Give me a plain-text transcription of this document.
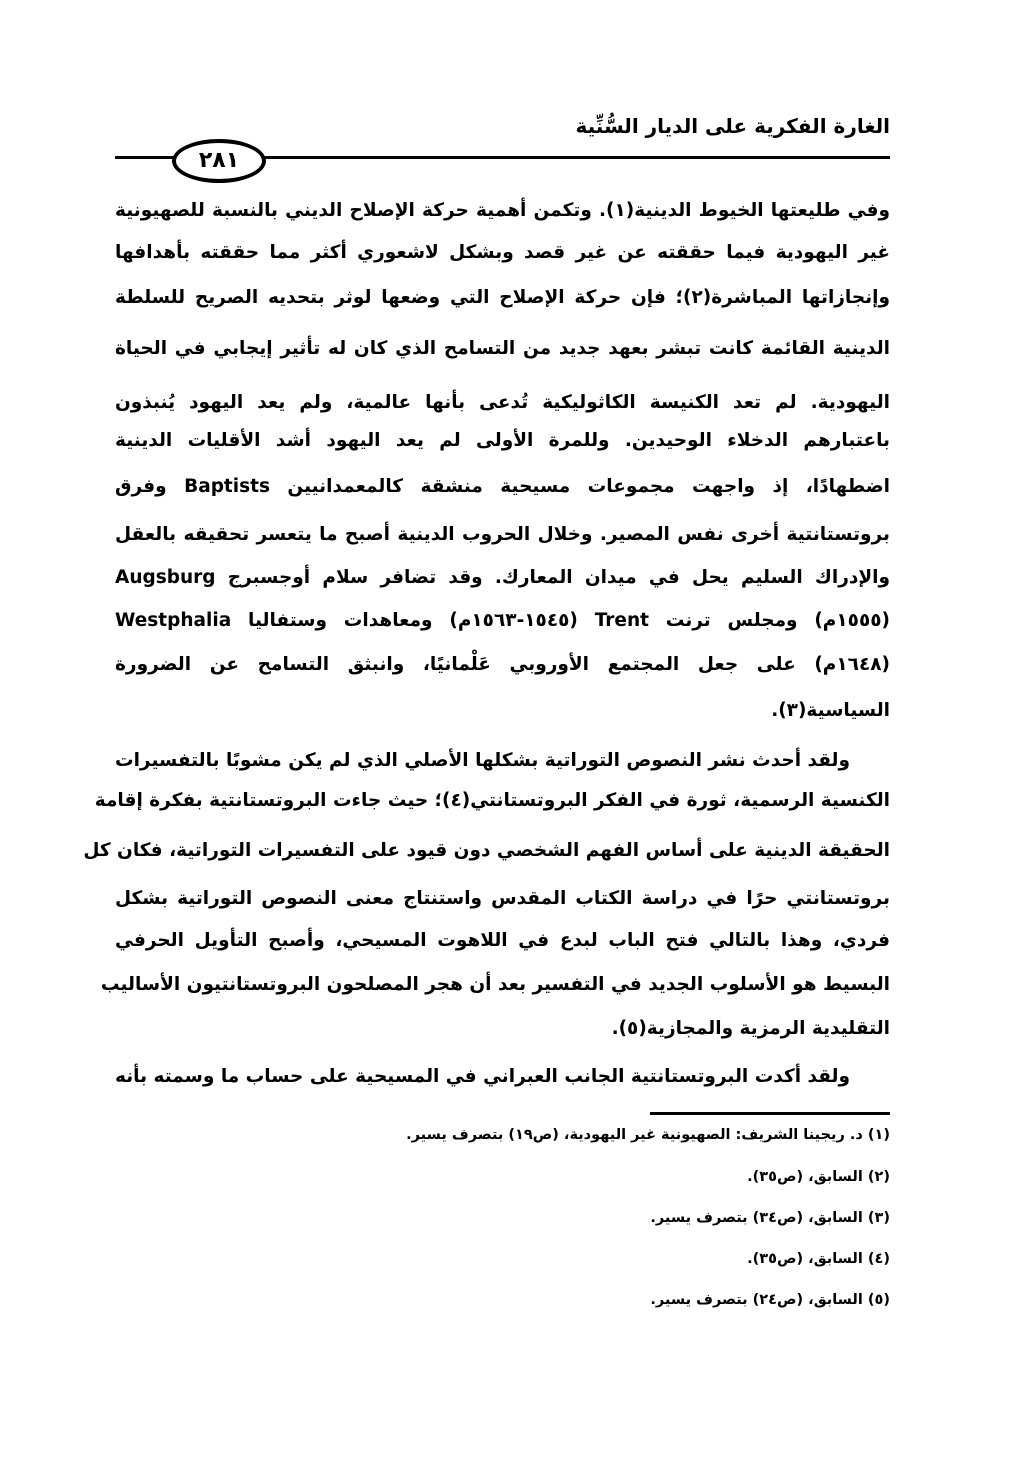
الغارة الفكرية على الديار السُّنِّية
٢٨١
وفي طليعتها الخيوط الدينية(١). وتكمن أهمية حركة الإصلاح الديني بالنسبة للصهيونية
غير اليهودية فيما حققته عن غير قصد وبشكل لاشعوري أكثر مما حققته بأهدافها
وإنجازاتها المباشرة(٢)؛ فإن حركة الإصلاح التي وضعها لوثر بتحديه الصريح للسلطة
الدينية القائمة كانت تبشر بعهد جديد من التسامح الذي كان له تأثير إيجابي في الحياة
اليهودية. لم تعد الكنيسة الكاثوليكية تُدعى بأنها عالمية، ولم يعد اليهود يُنبذون
باعتبارهم الدخلاء الوحيدين. وللمرة الأولى لم يعد اليهود أشد الأقليات الدينية
اضطهادًا، إذ واجهت مجموعات مسيحية منشقة كالمعمدانيين Baptists وفرق
بروتستانتية أخرى نفس المصير. وخلال الحروب الدينية أصبح ما يتعسر تحقيقه بالعقل
والإدراك السليم يحل في ميدان المعارك. وقد تضافر سلام أوجسبرج Augsburg
(١٥٥٥م) ومجلس ترنت Trent (١٥٤٥-١٥٦٣م) ومعاهدات وستفاليا Westphalia
(١٦٤٨م) على جعل المجتمع الأوروبي عَلْمانيًا، وانبثق التسامح عن الضرورة
السياسية(٣).
ولقد أحدث نشر النصوص التوراتية بشكلها الأصلي الذي لم يكن مشوبًا بالتفسيرات
الكنسية الرسمية، ثورة في الفكر البروتستانتي(٤)؛ حيث جاءت البروتستانتية بفكرة إقامة
الحقيقة الدينية على أساس الفهم الشخصي دون قيود على التفسيرات التوراتية، فكان كل
بروتستانتي حرًا في دراسة الكتاب المقدس واستنتاج معنى النصوص التوراتية بشكل
فردي، وهذا بالتالي فتح الباب لبدع في اللاهوت المسيحي، وأصبح التأويل الحرفي
البسيط هو الأسلوب الجديد في التفسير بعد أن هجر المصلحون البروتستانتيون الأساليب
التقليدية الرمزية والمجازية(٥).
ولقد أكدت البروتستانتية الجانب العبراني في المسيحية على حساب ما وسمته بأنه
(١) د. ريجينا الشريف: الصهيونية غير اليهودية، (ص١٩) بتصرف يسير.
(٢) السابق، (ص٣٥).
(٣) السابق، (ص٣٤) بتصرف يسير.
(٤) السابق، (ص٣٥).
(٥) السابق، (ص٢٤) بتصرف يسير.
